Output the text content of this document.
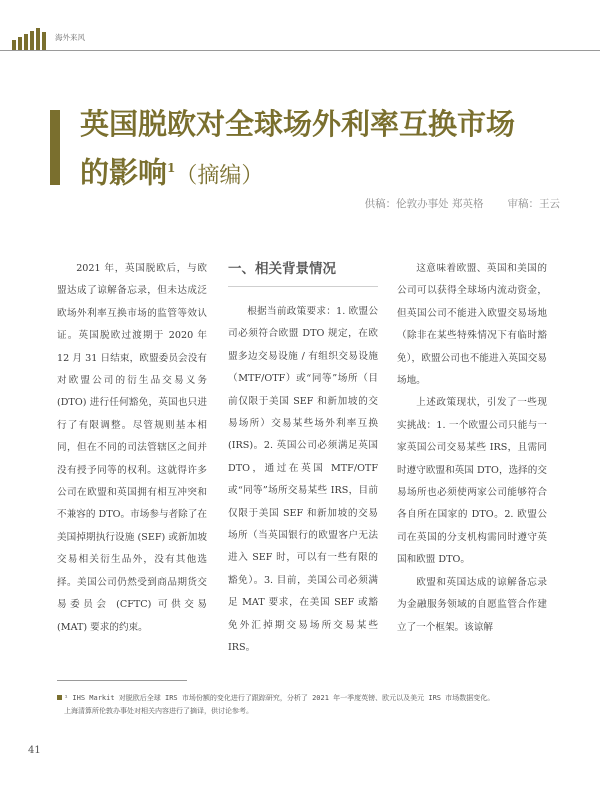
海外来风
英国脱欧对全球场外利率互换市场
的影响$^1$（摘编）
供稿：伦敦办事处 郑英格 审稿：王云

2021 年，英国脱欧后，与欧盟达成了谅解备忘录，但未达成泛欧场外利率互换市场的监管等效认证。英国脱欧过渡期于 2020 年 12 月 31 日结束，欧盟委员会没有对欧盟公司的衍生品交易义务 (DTO) 进行任何豁免，英国也只进行了有限调整。尽管规则基本相同，但在不同的司法管辖区之间并没有授予同等的权利。这就得许多公司在欧盟和英国拥有相互冲突和不兼容的 DTO。市场参与者除了在美国掉期执行设施 (SEF) 或新加坡交易相关衍生品外，没有其他选择。美国公司仍然受到商品期货交易委员会 (CFTC) 可供交易 (MAT) 要求的约束。

一、相关背景情况

根据当前政策要求：1. 欧盟公司必须符合欧盟 DTO 规定，在欧盟多边交易设施 / 有组织交易设施（MTF/OTF）或“同等”场所（目前仅限于美国 SEF 和新加坡的交易场所）交易某些场外利率互换 (IRS)。2. 英国公司必须满足英国 DTO，通过在英国 MTF/OTF 或“同等”场所交易某些 IRS，目前仅限于美国 SEF 和新加坡的交易场所（当英国银行的欧盟客户无法进入 SEF 时，可以有一些有限的豁免）。3. 目前，美国公司必须满足 MAT 要求，在美国 SEF 或豁免外汇掉期交易场所交易某些 IRS。

这意味着欧盟、英国和美国的公司可以获得全球场内流动资金，但英国公司不能进入欧盟交易场地（除非在某些特殊情况下有临时豁免），欧盟公司也不能进入英国交易场地。

上述政策现状，引发了一些现实挑战：1. 一个欧盟公司只能与一家英国公司交易某些 IRS，且需同时遵守欧盟和英国 DTO，选择的交易场所也必须使两家公司能够符合各自所在国家的 DTO。2. 欧盟公司在英国的分支机构需同时遵守英国和欧盟 DTO。

欧盟和英国达成的谅解备忘录为金融服务领域的自愿监管合作建立了一个框架。该谅解

¹ IHS Markit 对脱欧后全球 IRS 市场份额的变化进行了跟踪研究，分析了 2021 年一季度英镑、欧元以及美元 IRS 市场数据变化。
上海清算所伦敦办事处对相关内容进行了摘译，供讨论参考。
41
